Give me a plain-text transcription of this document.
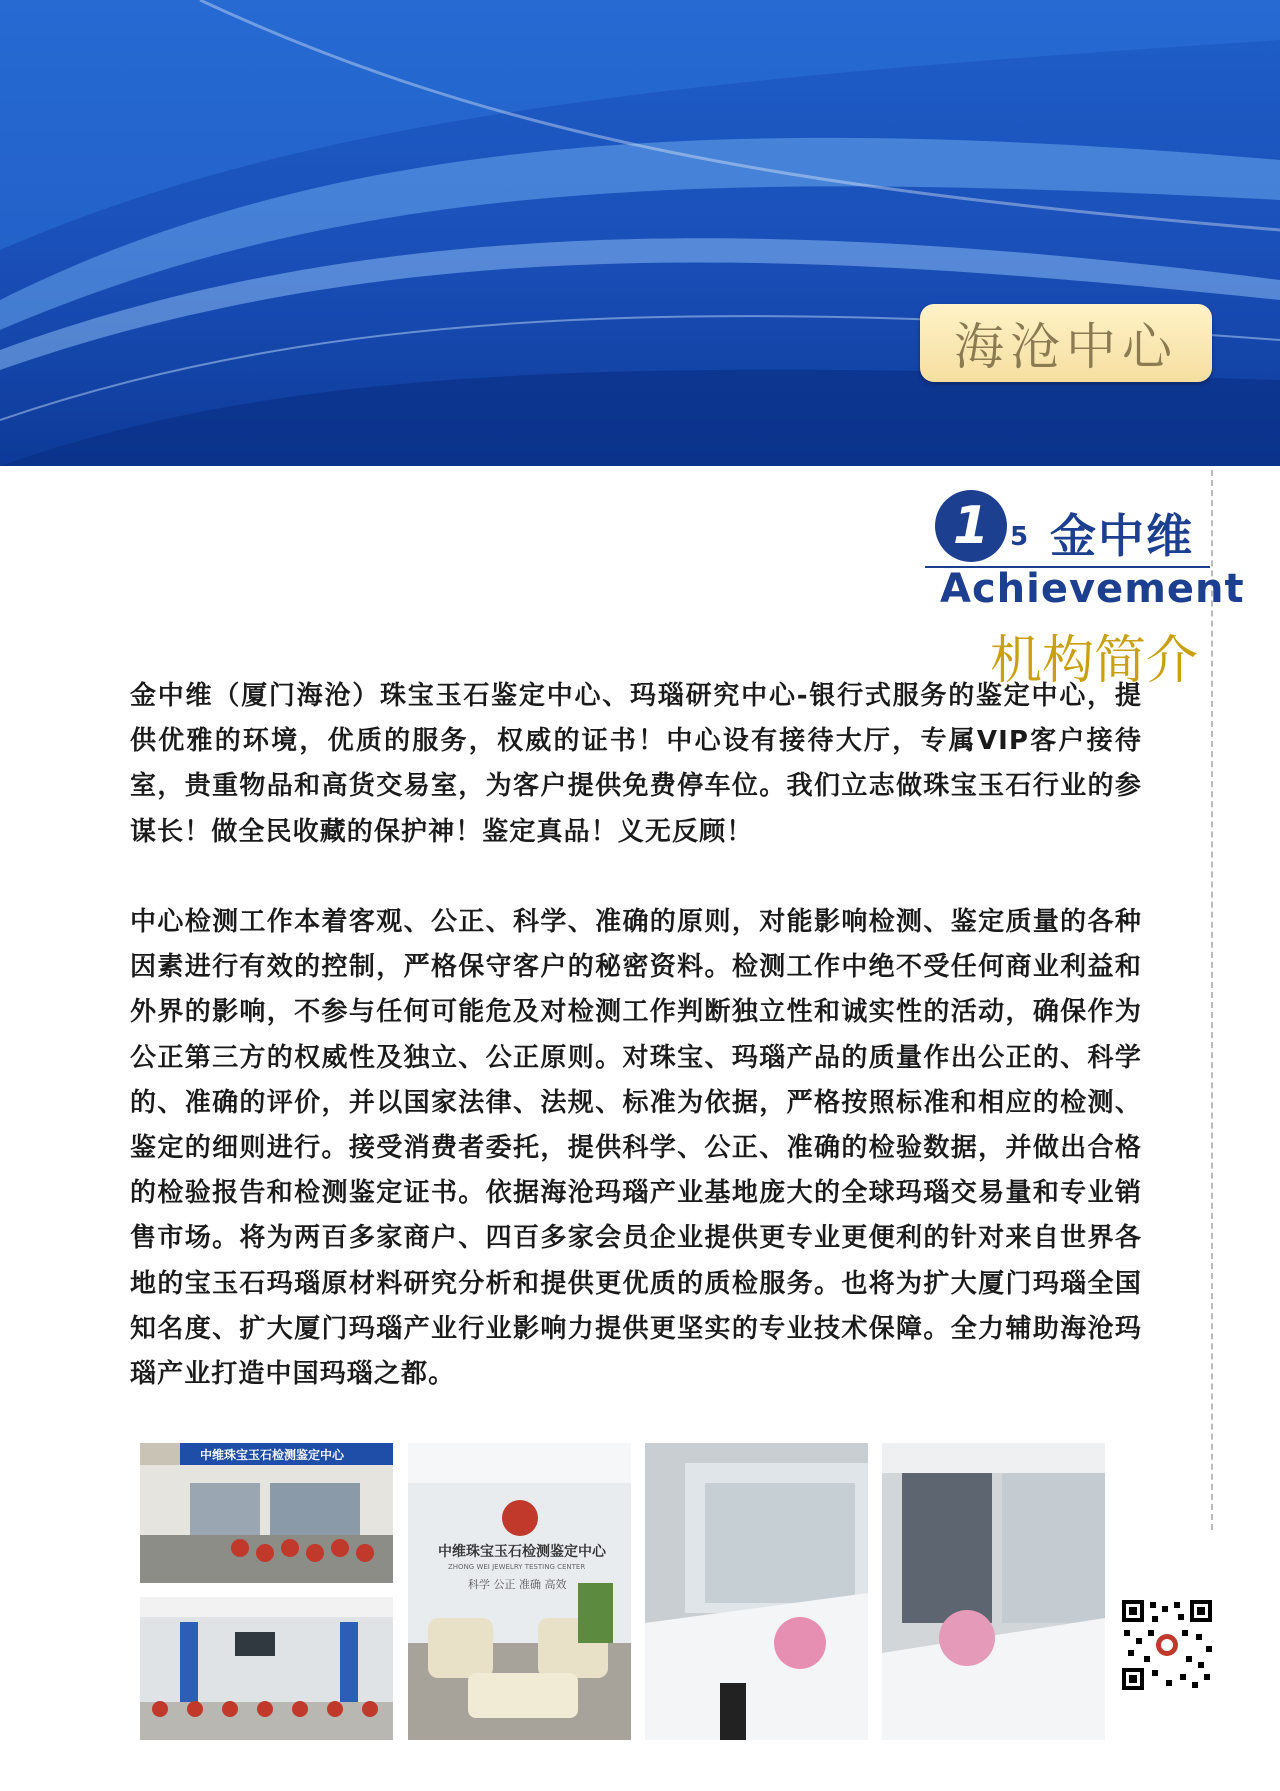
海沧中心
1 5 金中维
Achievement
机构简介

金中维（厦门海沧）珠宝玉石鉴定中心、玛瑙研究中心-银行式服务的鉴定中心，提供优雅的环境，优质的服务，权威的证书！中心设有接待大厅，专属VIP客户接待室，贵重物品和高货交易室，为客户提供免费停车位。我们立志做珠宝玉石行业的参谋长！做全民收藏的保护神！鉴定真品！义无反顾！

中心检测工作本着客观、公正、科学、准确的原则，对能影响检测、鉴定质量的各种因素进行有效的控制，严格保守客户的秘密资料。检测工作中绝不受任何商业利益和外界的影响，不参与任何可能危及对检测工作判断独立性和诚实性的活动，确保作为公正第三方的权威性及独立、公正原则。对珠宝、玛瑙产品的质量作出公正的、科学的、准确的评价，并以国家法律、法规、标准为依据，严格按照标准和相应的检测、鉴定的细则进行。接受消费者委托，提供科学、公正、准确的检验数据，并做出合格的检验报告和检测鉴定证书。依据海沧玛瑙产业基地庞大的全球玛瑙交易量和专业销售市场。将为两百多家商户、四百多家会员企业提供更专业更便利的针对来自世界各地的宝玉石玛瑙原材料研究分析和提供更优质的质检服务。也将为扩大厦门玛瑙全国知名度、扩大厦门玛瑙产业行业影响力提供更坚实的专业技术保障。全力辅助海沧玛瑙产业打造中国玛瑙之都。

中维珠宝玉石检测鉴定中心
中维珠宝玉石检测鉴定中心
ZHONG WEI JEWELRY TESTING CENTER
科学 公正 准确 高效
